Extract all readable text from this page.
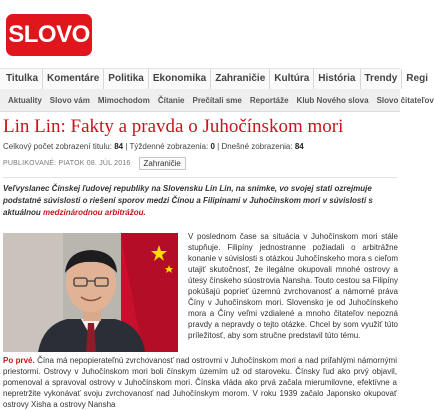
SLOVO
Titulka Komentáre Politika Ekonomika Zahraničie Kultúra História Trendy Regi
Aktuality	Slovo vám	Mimochodom	Čítanie	Prečítali sme	Reportáže	Klub Nového slova	Slovo čitateľov
Lin Lin: Fakty a pravda o Juhočínskom mori
Celkový počet zobrazení titulu: 84 | Týždenné zobrazenia: 0 | Dnešné zobrazenia: 84
PUBLIKOVANÉ: PIATOK 08. JÚL 2016	Zahraničie
Veľvyslanec Čínskej ľudovej republiky na Slovensku Lin Lin, na snímke, vo svojej stati ozrejmuje podstatné súvislosti o riešení sporov medzi Čínou a Filipínami v Juhočínskom mori v súvislosti s aktuálnou medzinárodnou arbitrážou.
V poslednom čase sa situácia v Juhočínskom mori stále stupňuje. Filipíny jednostranne požiadali o arbitrážne konanie v súvislosti s otázkou Juhočínskeho mora s cieľom utajiť skutočnosť, že ilegálne okupovali mnohé ostrovy a útesy čínskeho súostrovia Nansha. Touto cestou sa Filipíny pokúšajú poprieť územnú zvrchovanosť a námorné práva Číny v Juhočínskom mori. Slovensko je od Juhočínskeho mora a Číny veľmi vzdialené a mnoho čitateľov nepozná pravdy a nepravdy o tejto otázke. Chcel by som využiť túto príležitosť, aby som stručne predstavil túto tému.
Po prvé. Čína má nepopierateľnú zvrchovanosť nad ostrovmi v Juhočínskom mori a nad priľahlými námornými priestormi. Ostrovy v Juhočínskom mori boli čínskym územím už od staroveku. Čínsky ľud ako prvý objavil, pomenoval a spravoval ostrovy v Juhočínskom mori. Čínska vláda ako prvá začala mierumilovne, efektívne a nepretržite vykonávať svoju zvrchovanosť nad Juhočínskym morom. V roku 1939 začalo Japonsko okupovať ostrovy Xisha a ostrovy Nansha
